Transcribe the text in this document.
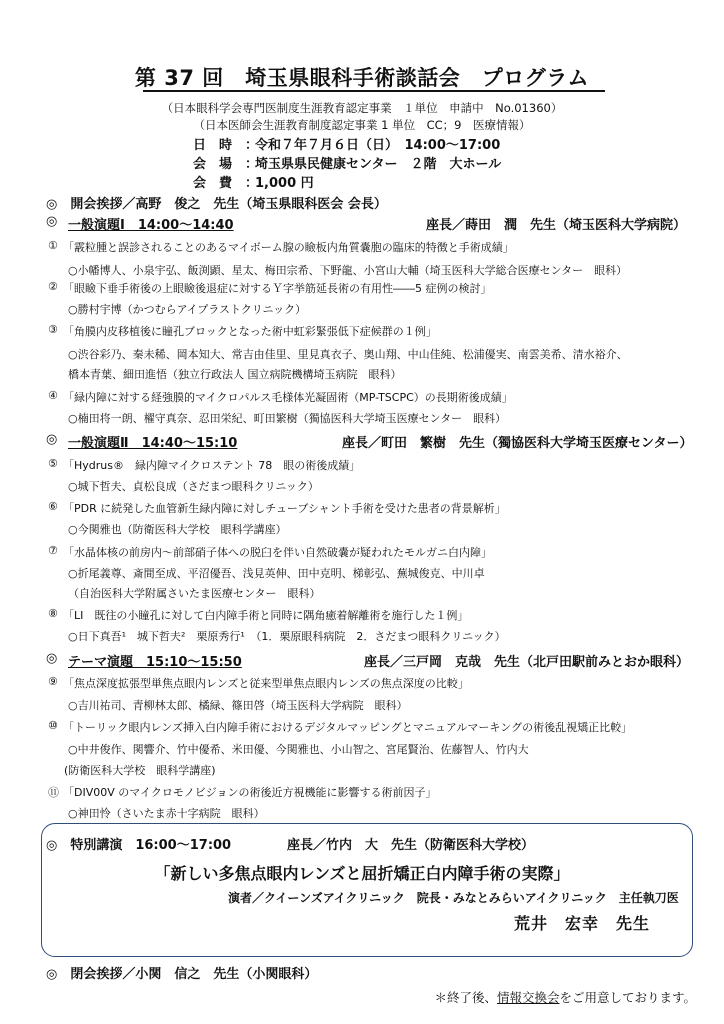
第 37 回　埼玉県眼科手術談話会　プログラム
（日本眼科学会専門医制度生涯教育認定事業　１単位　申請中　No.01360）
（日本医師会生涯教育制度認定事業 1 単位　CC；9　医療情報）
日　時　：
令和７年７月６日（日）　14:00～17:00
会　場　：
埼玉県県民健康センター　２階　大ホール
会　費　：
1,000 円
◎　開会挨拶／高野　俊之　先生（埼玉県眼科医会 会長）
◎ 一般演題Ⅰ　14:00～14:40	座長／蒔田　潤　先生（埼玉医科大学病院）
① 「霰粒腫と誤診されることのあるマイボーム腺の瞼板内角質嚢胞の臨床的特徴と手術成績」
○小幡博人、小泉宇弘、飯渕顕、星太、梅田宗希、下野龍、小宮山大輔（埼玉医科大学総合医療センター　眼科）
② 「眼瞼下垂手術後の上眼瞼後退症に対するＹ字挙筋延長術の有用性――5 症例の検討」
○勝村宇博（かつむらアイプラストクリニック）
③ 「角膜内皮移植後に瞳孔ブロックとなった術中虹彩緊張低下症候群の１例」
○渋谷彩乃、秦未稀、岡本知大、常吉由佳里、里見真衣子、奥山翔、中山佳純、松浦優実、南雲美希、清水裕介、
橋本青葉、細田進悟（独立行政法人 国立病院機構埼玉病院　眼科）
④ 「緑内障に対する経強膜的マイクロパルス毛様体光凝固術（MP-TSCPC）の長期術後成績」
○楠田将一朗、櫂守真奈、忍田栄紀、町田繁樹（獨協医科大学埼玉医療センター　眼科）
◎ 一般演題Ⅱ　14:40～15:10	座長／町田　繁樹　先生（獨協医科大学埼玉医療センター）
⑤ 「Hydrus®　緑内障マイクロステント 78　眼の術後成績」
○城下哲夫、貞松良成（さだまつ眼科クリニック）
⑥ 「PDR に続発した血管新生緑内障に対しチューブシャント手術を受けた患者の背景解析」
○今関雅也（防衛医科大学校　眼科学講座）
⑦ 「水晶体核の前房内～前部硝子体への脱臼を伴い自然破嚢が疑われたモルガニ白内障」
○折尾義尊、斎間至成、平沼優吾、浅見英伸、田中克明、梯彰弘、蕪城俊克、中川卓
（自治医科大学附属さいたま医療センター　眼科）
⑧ 「LI　既往の小瞳孔に対して白内障手術と同時に隅角癒着解離術を施行した１例」
○日下真吾¹　城下哲夫²　栗原秀行¹　（1．栗原眼科病院　2．さだまつ眼科クリニック）
◎ テーマ演題　15:10～15:50	座長／三戸岡　克哉　先生（北戸田駅前みとおか眼科）
⑨ 「焦点深度拡張型単焦点眼内レンズと従来型単焦点眼内レンズの焦点深度の比較」
○吉川祐司、青柳林太郎、橘緑、篠田啓（埼玉医科大学病院　眼科）
⑩ 「トーリック眼内レンズ挿入白内障手術におけるデジタルマッピングとマニュアルマーキングの術後乱視矯正比較」
○中井俊作、関響介、竹中優希、米田優、今関雅也、小山智之、宮尾賢治、佐藤智人、竹内大
(防衛医科大学校　眼科学講座)
⑪ 「DIV00V のマイクロモノビジョンの術後近方視機能に影響する術前因子」
○神田怜（さいたま赤十字病院　眼科）
◎　特別講演　16:00～17:00	座長／竹内　大　先生（防衛医科大学校）
「新しい多焦点眼内レンズと屈折矯正白内障手術の実際」
演者／クイーンズアイクリニック　院長・みなとみらいアイクリニック　主任執刀医
荒井　宏幸　先生
◎　閉会挨拶／小関　信之　先生（小関眼科）
＊終了後、情報交換会をご用意しております。
